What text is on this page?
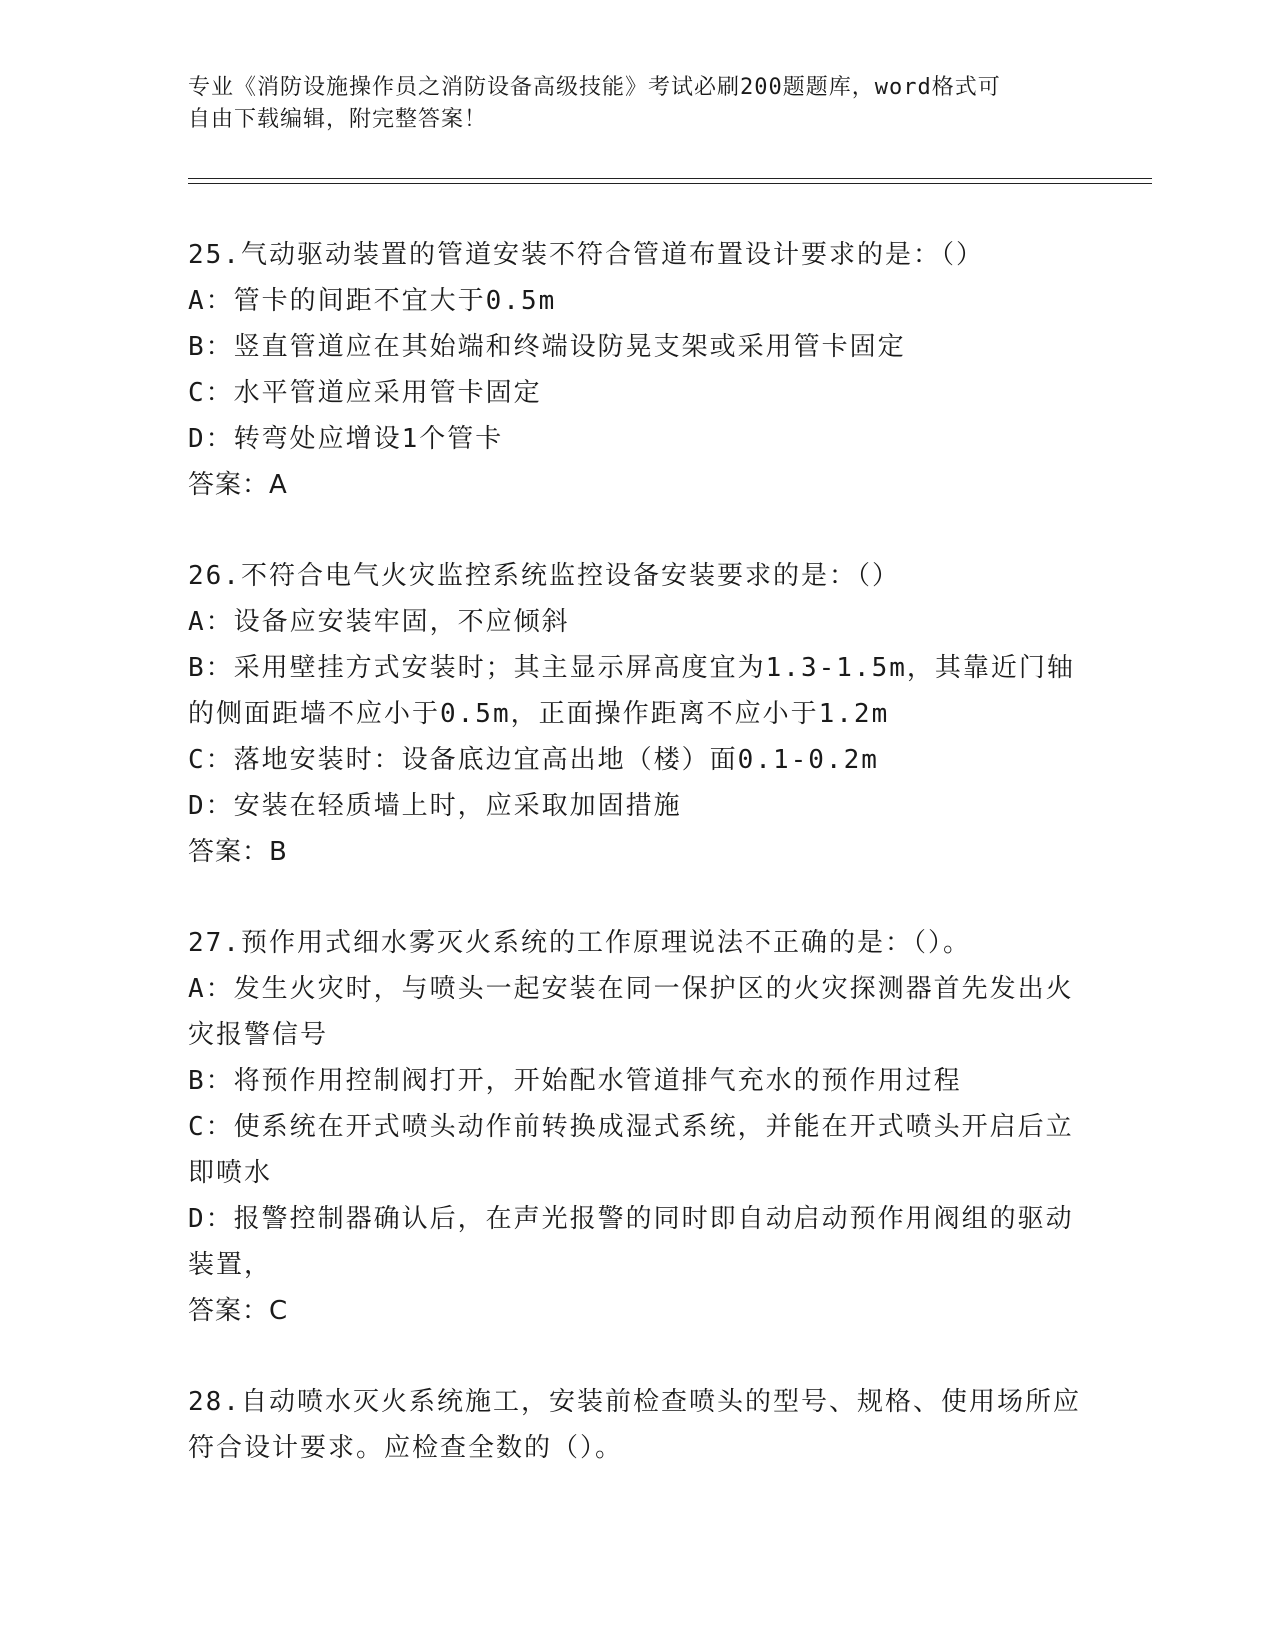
专业《消防设施操作员之消防设备高级技能》考试必刷200题题库，word格式可
自由下载编辑，附完整答案！
25.气动驱动装置的管道安装不符合管道布置设计要求的是：（）
A：管卡的间距不宜大于0.5m
B：竖直管道应在其始端和终端设防晃支架或采用管卡固定
C：水平管道应采用管卡固定
D：转弯处应增设1个管卡
答案：A
26.不符合电气火灾监控系统监控设备安装要求的是：（）
A：设备应安装牢固，不应倾斜
B：采用壁挂方式安装时；其主显示屏高度宜为1.3-1.5m，其靠近门轴的侧面距墙不应小于0.5m，正面操作距离不应小于1.2m
C：落地安装时：设备底边宜高出地（楼）面0.1-0.2m
D：安装在轻质墙上时，应采取加固措施
答案：B
27.预作用式细水雾灭火系统的工作原理说法不正确的是：（）。
A：发生火灾时，与喷头一起安装在同一保护区的火灾探测器首先发出火灾报警信号
B：将预作用控制阀打开，开始配水管道排气充水的预作用过程
C：使系统在开式喷头动作前转换成湿式系统，并能在开式喷头开启后立即喷水
D：报警控制器确认后，在声光报警的同时即自动启动预作用阀组的驱动装置，
答案：C
28.自动喷水灭火系统施工，安装前检查喷头的型号、规格、使用场所应符合设计要求。应检查全数的（）。
